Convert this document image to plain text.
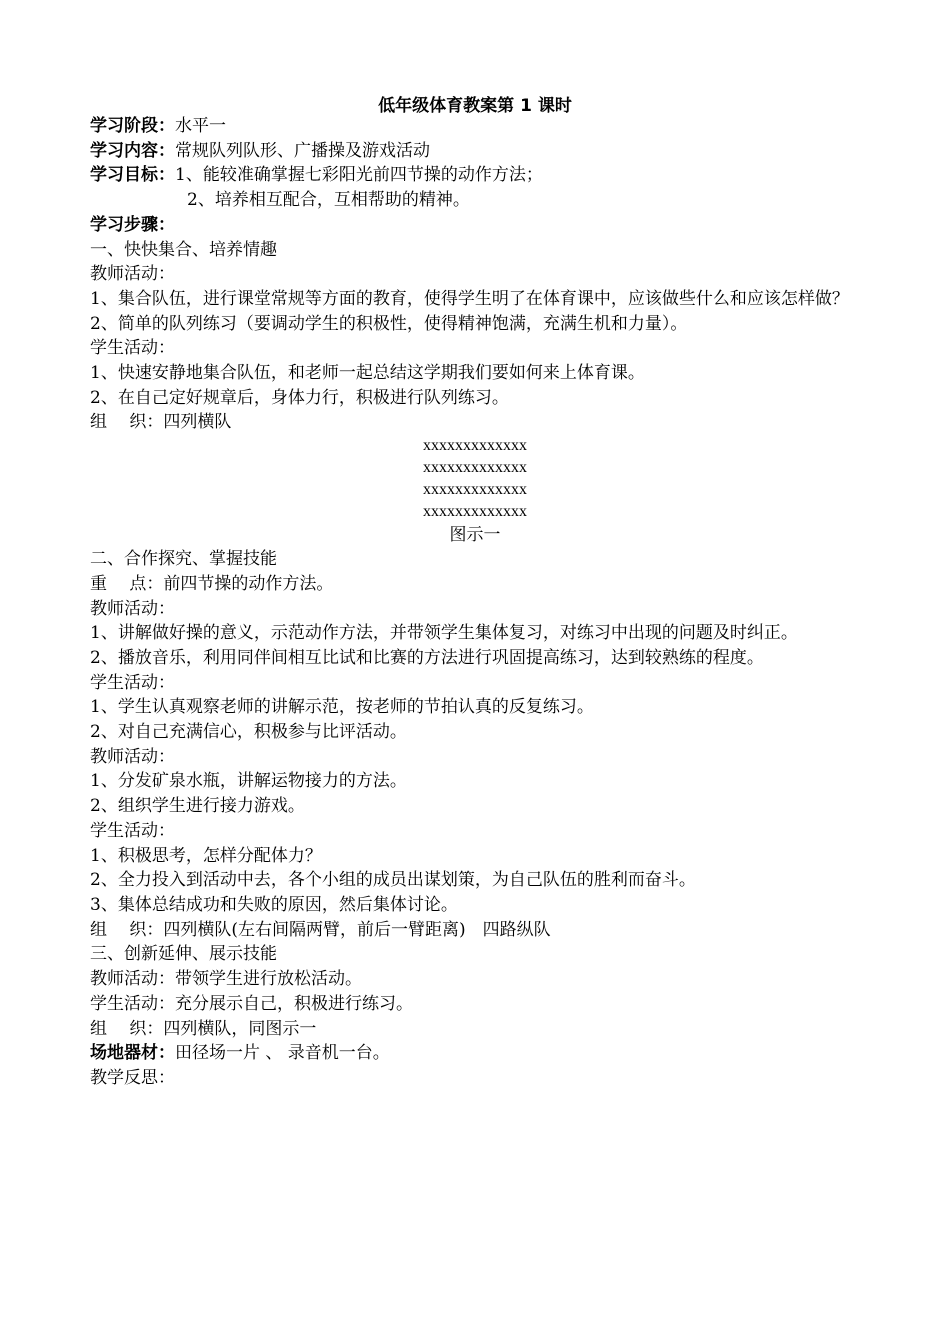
低年级体育教案第 1 课时
学习阶段：水平一
学习内容：常规队列队形、广播操及游戏活动
学习目标：1、能较准确掌握七彩阳光前四节操的动作方法；
2、培养相互配合，互相帮助的精神。
学习步骤：
一、快快集合、培养情趣
教师活动：
1、集合队伍，进行课堂常规等方面的教育，使得学生明了在体育课中，应该做些什么和应该怎样做？
2、简单的队列练习（要调动学生的积极性，使得精神饱满，充满生机和力量）。
学生活动：
1、快速安静地集合队伍，和老师一起总结这学期我们要如何来上体育课。
2、在自己定好规章后，身体力行，积极进行队列练习。
组　 织：四列横队
xxxxxxxxxxxxx
xxxxxxxxxxxxx
xxxxxxxxxxxxx
xxxxxxxxxxxxx
图示一
二、合作探究、掌握技能
重　 点：前四节操的动作方法。
教师活动：
1、讲解做好操的意义，示范动作方法，并带领学生集体复习，对练习中出现的问题及时纠正。
2、播放音乐，利用同伴间相互比试和比赛的方法进行巩固提高练习，达到较熟练的程度。
学生活动：
1、学生认真观察老师的讲解示范，按老师的节拍认真的反复练习。
2、对自己充满信心，积极参与比评活动。
教师活动：
1、分发矿泉水瓶，讲解运物接力的方法。
2、组织学生进行接力游戏。
学生活动：
1、积极思考，怎样分配体力？
2、全力投入到活动中去，各个小组的成员出谋划策，为自己队伍的胜利而奋斗。
3、集体总结成功和失败的原因，然后集体讨论。
组　 织：四列横队(左右间隔两臂，前后一臂距离)　四路纵队
三、创新延伸、展示技能
教师活动：带领学生进行放松活动。
学生活动：充分展示自己，积极进行练习。
组　 织：四列横队，同图示一
场地器材：田径场一片 、 录音机一台。
教学反思：
